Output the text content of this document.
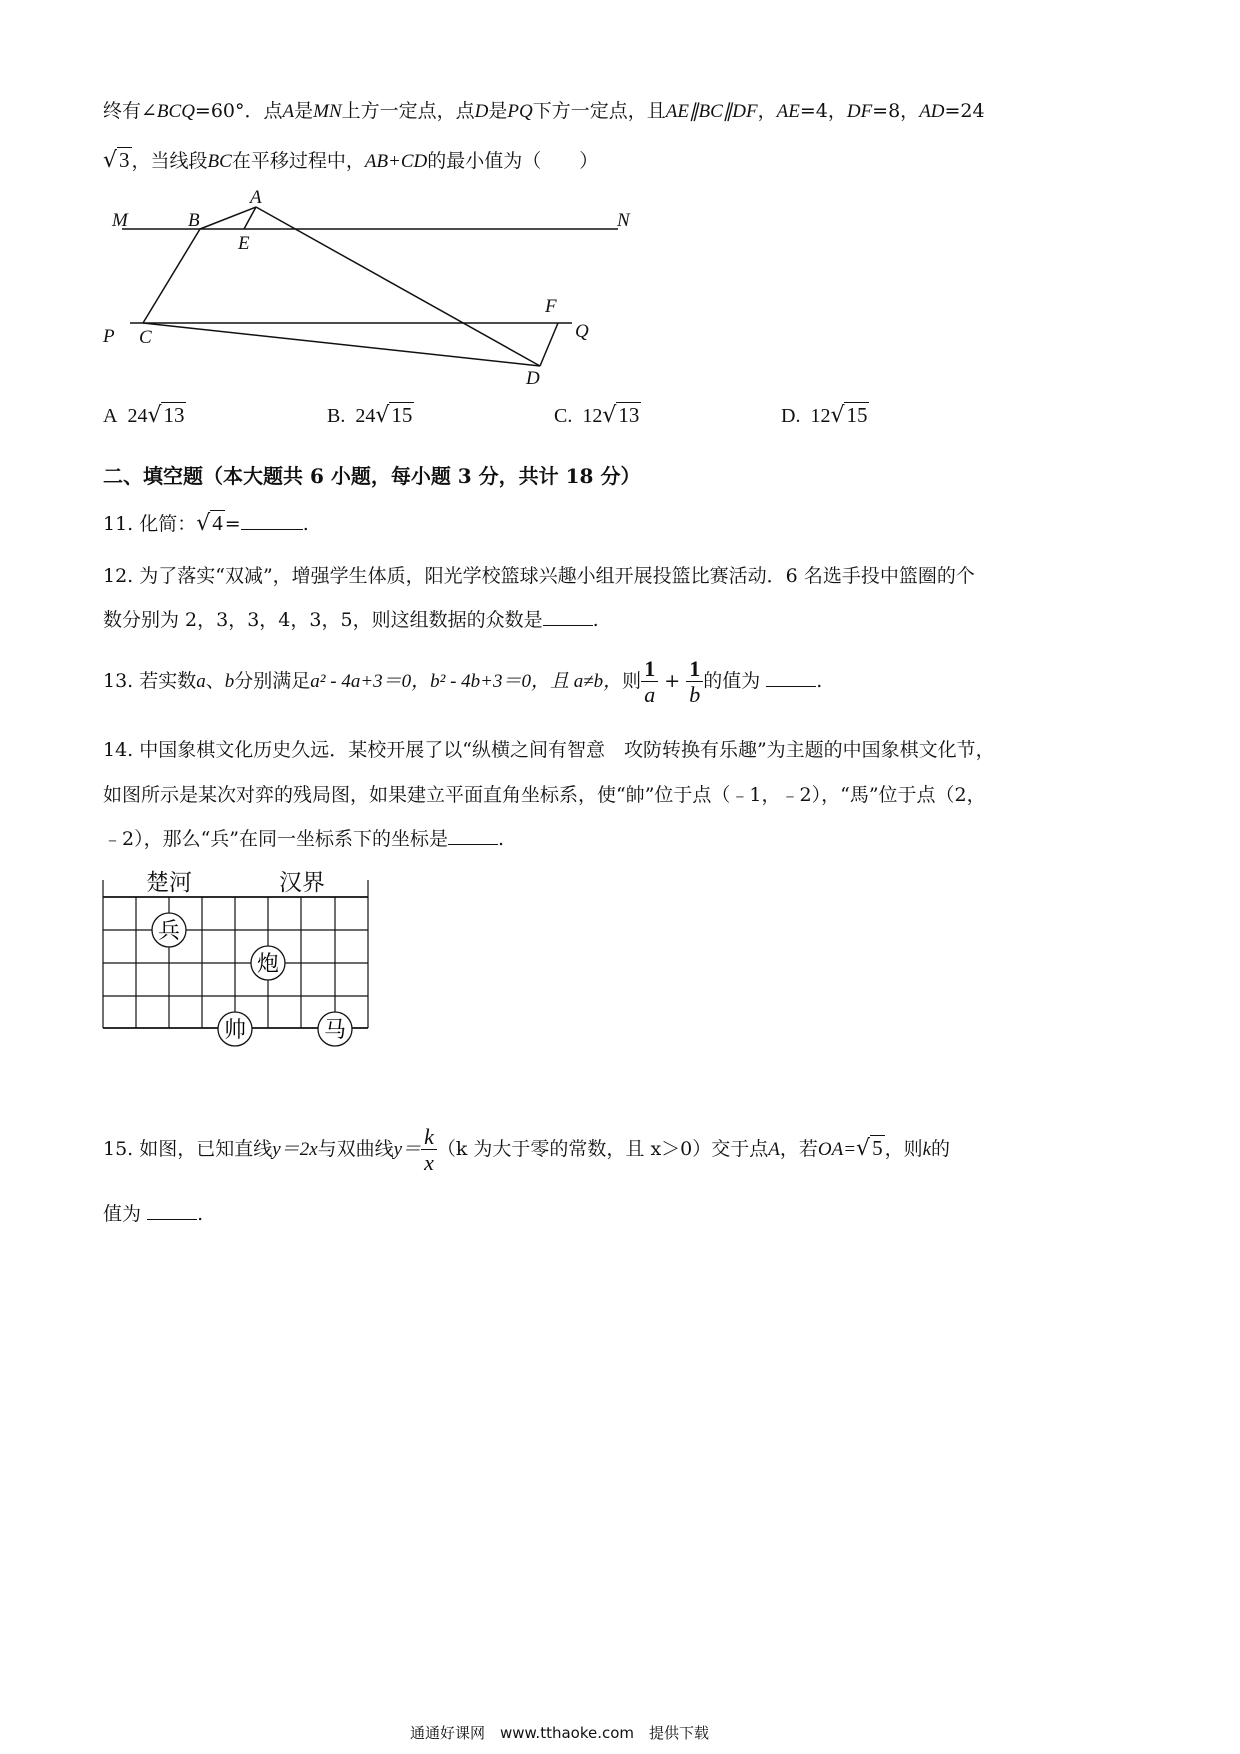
终有∠BCQ=60°．点A是MN上方一定点，点D是PQ下方一定点，且AE∥BC∥DF，AE=4，DF=8，AD=24
√3 ，当线段BC在平移过程中，AB+CD的最小值为（　　）
M	B
A
E
N
F
P C	Q
D
A 24√13	B. 24√15	C. 12√13	D. 12√15
二、填空题（本大题共 6 小题，每小题 3 分，共计 18 分）
11. 化简：√4 =	.
12. 为了落实“双减”，增强学生体质，阳光学校篮球兴趣小组开展投篮比赛活动．6 名选手投中篮圈的个
数分别为 2，3，3，4，3，5，则这组数据的众数是	.
13. 若实数a、b分别满足a² - 4a+3＝0，b² - 4b+3＝0，且 a≠b，则 $\frac{1}{a} + \frac{1}{b}$ 的值为	.
14. 中国象棋文化历史久远．某校开展了以“纵横之间有智意　攻防转换有乐趣”为主题的中国象棋文化节，
如图所示是某次对弈的残局图，如果建立平面直角坐标系，使“帥”位于点（﹣1，﹣2），“馬”位于点（2，
﹣2），那么“兵”在同一坐标系下的坐标是	.
楚河	汉界
兵
炮
帅	马
15. 如图，已知直线y＝2x与双曲线$y= \frac{k}{x} (k$ 为大于零的常数，且 x＞0）交于点A，若OA=√5 ，则k的
值为	.
通通好课网　www.tthaoke.com　提供下载
